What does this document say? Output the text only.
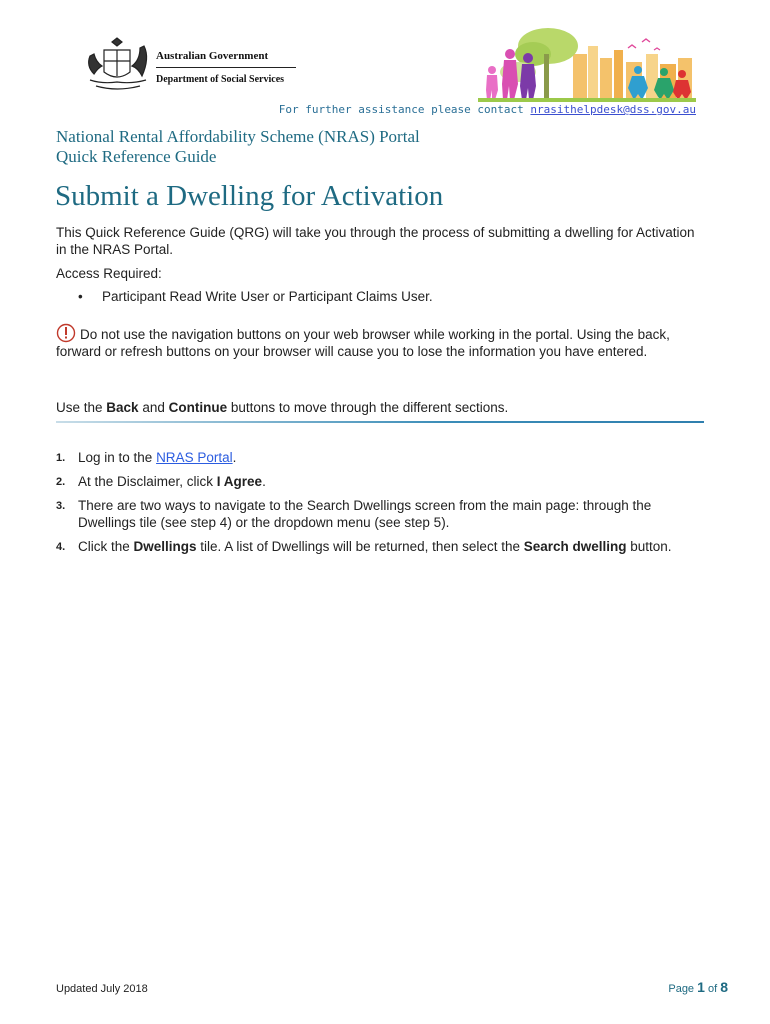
Australian Government
Department of Social Services
For further assistance please contact nrasithelpdesk@dss.gov.au
National Rental Affordability Scheme (NRAS) Portal
Quick Reference Guide
Submit a Dwelling for Activation
This Quick Reference Guide (QRG) will take you through the process of submitting a dwelling for Activation in the NRAS Portal.
Access Required:
• Participant Read Write User or Participant Claims User.
Do not use the navigation buttons on your web browser while working in the portal. Using the back, forward or refresh buttons on your browser will cause you to lose the information you have entered.
Use the Back and Continue buttons to move through the different sections.
1. Log in to the NRAS Portal.
2. At the Disclaimer, click I Agree.
3. There are two ways to navigate to the Search Dwellings screen from the main page: through the Dwellings tile (see step 4) or the dropdown menu (see step 5).
4. Click the Dwellings tile. A list of Dwellings will be returned, then select the Search dwelling button.
Updated July 2018	Page 1 of 8
